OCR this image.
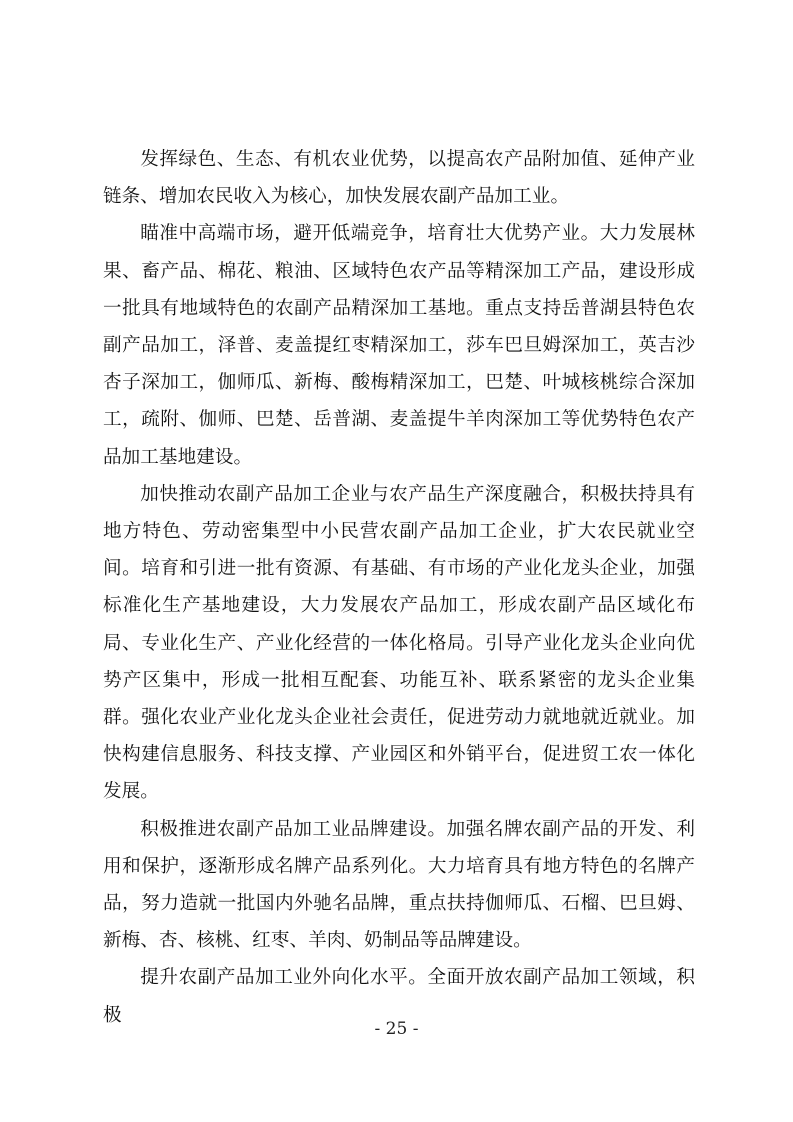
发挥绿色、生态、有机农业优势，以提高农产品附加值、延伸产业链条、增加农民收入为核心，加快发展农副产品加工业。

瞄准中高端市场，避开低端竞争，培育壮大优势产业。大力发展林果、畜产品、棉花、粮油、区域特色农产品等精深加工产品，建设形成一批具有地域特色的农副产品精深加工基地。重点支持岳普湖县特色农副产品加工，泽普、麦盖提红枣精深加工，莎车巴旦姆深加工，英吉沙杏子深加工，伽师瓜、新梅、酸梅精深加工，巴楚、叶城核桃综合深加工，疏附、伽师、巴楚、岳普湖、麦盖提牛羊肉深加工等优势特色农产品加工基地建设。

加快推动农副产品加工企业与农产品生产深度融合，积极扶持具有地方特色、劳动密集型中小民营农副产品加工企业，扩大农民就业空间。培育和引进一批有资源、有基础、有市场的产业化龙头企业，加强标准化生产基地建设，大力发展农产品加工，形成农副产品区域化布局、专业化生产、产业化经营的一体化格局。引导产业化龙头企业向优势产区集中，形成一批相互配套、功能互补、联系紧密的龙头企业集群。强化农业产业化龙头企业社会责任，促进劳动力就地就近就业。加快构建信息服务、科技支撑、产业园区和外销平台，促进贸工农一体化发展。

积极推进农副产品加工业品牌建设。加强名牌农副产品的开发、利用和保护，逐渐形成名牌产品系列化。大力培育具有地方特色的名牌产品，努力造就一批国内外驰名品牌，重点扶持伽师瓜、石榴、巴旦姆、新梅、杏、核桃、红枣、羊肉、奶制品等品牌建设。

提升农副产品加工业外向化水平。全面开放农副产品加工领域，积极

- 25 -
